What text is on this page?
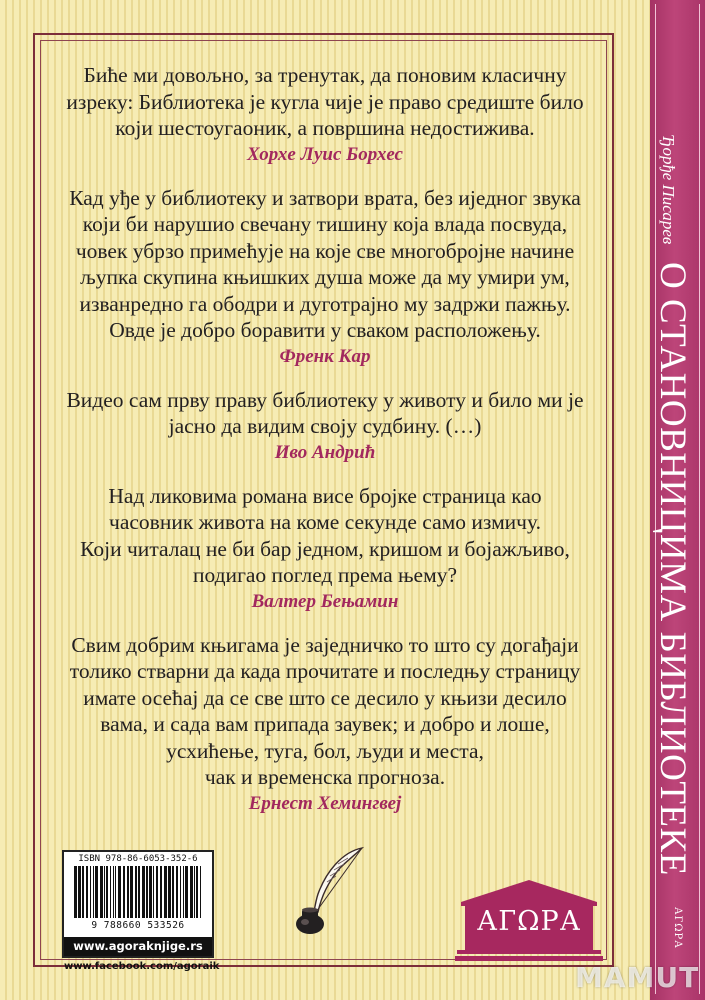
Биће ми довољно, за тренутак, да поновим класичну
изреку: Библиотека је кугла чије је право средиште било
који шестоугаоник, а површина недостижива.
Хорхе Луис Борхес
Кад уђе у библиотеку и затвори врата, без иједног звука
који би нарушио свечану тишину која влада посвуда,
човек убрзо примећује на које све многобројне начине
љупка скупина књишких душа може да му умири ум,
изванредно га ободри и дуготрајно му задржи пажњу.
Овде је добро боравити у сваком расположењу.
Френк Кар
Видео сам прву праву библиотеку у животу и било ми је
јасно да видим своју судбину. (…)
Иво Андрић
Над ликовима романа висе бројке страница као
часовник живота на коме секунде само измичу.
Који читалац не би бар једном, кришом и бојажљиво,
подигао поглед према њему?
Валтер Бењамин
Свим добрим књигама је заједничко то што су догађаји
толико стварни да када прочитате и последњу страницу
имате осећај да се све што се десило у књизи десило
вама, и сада вам припада заувек; и добро и лоше,
усхићење, туга, бол, људи и места,
чак и временска прогноза.
Ернест Хемингвеј
ISBN 978-86-6053-352-6
9 788660 533526
www.agoraknjige.rs
www.facebook.com/agoraik
АГΩРА
Ђорђе Писарев
О СТАНОВНИЦИМА БИБЛИОТЕКЕ
АГΩРА
MAMUT
